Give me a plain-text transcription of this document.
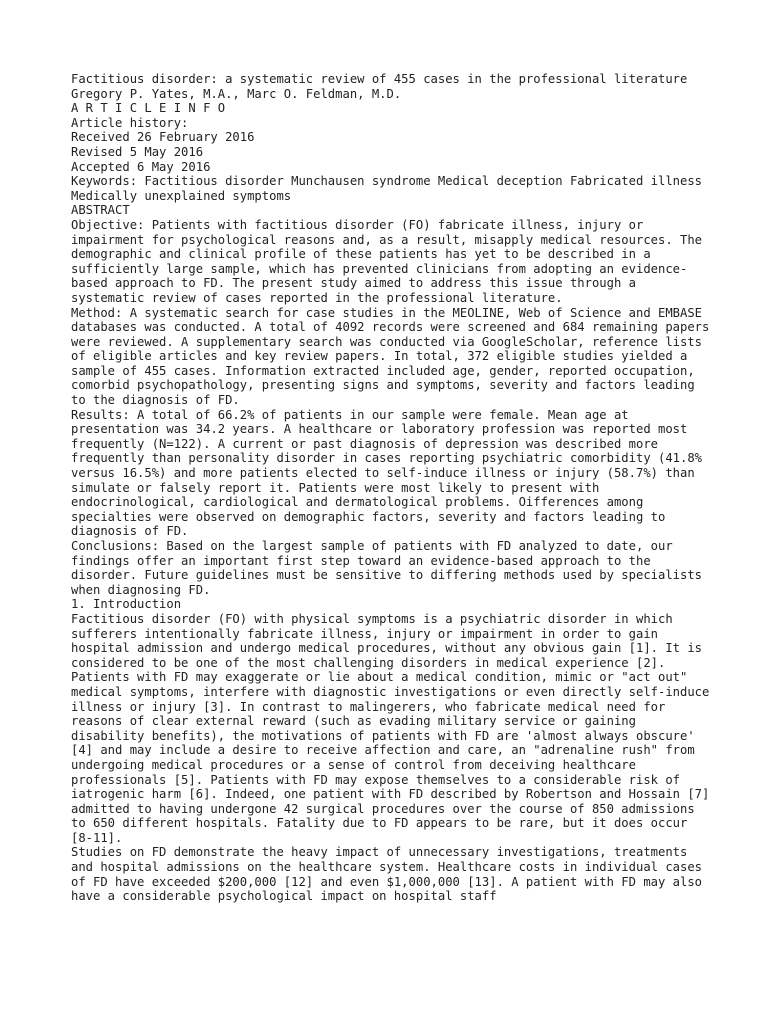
Factitious disorder: a systematic review of 455 cases in the professional literature

Gregory P. Yates, M.A., Marc O. Feldman, M.D.

A R T I C L E I N F O

Article history:

Received 26 February 2016

Revised 5 May 2016

Accepted 6 May 2016

Keywords: Factitious disorder Munchausen syndrome Medical deception Fabricated illness

Medically unexplained symptoms

ABSTRACT

Objective: Patients with factitious disorder (FO) fabricate illness, injury or impairment for psychological reasons and, as a result, misapply medical resources. The demographic and clinical profile of these patients has yet to be described in a sufficiently large sample, which has prevented clinicians from adopting an evidence-based approach to FD. The present study aimed to address this issue through a systematic review of cases reported in the professional literature.

Method: A systematic search for case studies in the MEOLINE, Web of Science and EMBASE databases was conducted. A total of 4092 records were screened and 684 remaining papers were reviewed. A supplementary search was conducted via GoogleScholar, reference lists of eligible articles and key review papers. In total, 372 eligible studies yielded a sample of 455 cases. Information extracted included age, gender, reported occupation, comorbid psychopathology, presenting signs and symptoms, severity and factors leading to the diagnosis of FD.

Results: A total of 66.2% of patients in our sample were female. Mean age at presentation was 34.2 years. A healthcare or laboratory profession was reported most frequently (N=122). A current or past diagnosis of depression was described more frequently than personality disorder in cases reporting psychiatric comorbidity (41.8% versus 16.5%) and more patients elected to self-induce illness or injury (58.7%) than simulate or falsely report it. Patients were most likely to present with endocrinological, cardiological and dermatological problems. Oifferences among specialties were observed on demographic factors, severity and factors leading to diagnosis of FD.

Conclusions: Based on the largest sample of patients with FD analyzed to date, our findings offer an important first step toward an evidence-based approach to the disorder. Future guidelines must be sensitive to differing methods used by specialists when diagnosing FD.

1. Introduction

Factitious disorder (FO) with physical symptoms is a psychiatric disorder in which sufferers intentionally fabricate illness, injury or impairment in order to gain hospital admission and undergo medical procedures, without any obvious gain [1]. It is considered to be one of the most challenging disorders in medical experience [2]. Patients with FD may exaggerate or lie about a medical condition, mimic or "act out" medical symptoms, interfere with diagnostic investigations or even directly self-induce illness or injury [3]. In contrast to malingerers, who fabricate medical need for reasons of clear external reward (such as evading military service or gaining disability benefits), the motivations of patients with FD are 'almost always obscure' [4] and may include a desire to receive affection and care, an "adrenaline rush" from undergoing medical procedures or a sense of control from deceiving healthcare professionals [5]. Patients with FD may expose themselves to a considerable risk of iatrogenic harm [6]. Indeed, one patient with FD described by Robertson and Hossain [7] admitted to having undergone 42 surgical procedures over the course of 850 admissions to 650 different hospitals. Fatality due to FD appears to be rare, but it does occur [8-11].

Studies on FD demonstrate the heavy impact of unnecessary investigations, treatments and hospital admissions on the healthcare system. Healthcare costs in individual cases of FD have exceeded $200,000 [12] and even $1,000,000 [13]. A patient with FD may also have a considerable psychological impact on hospital staff
